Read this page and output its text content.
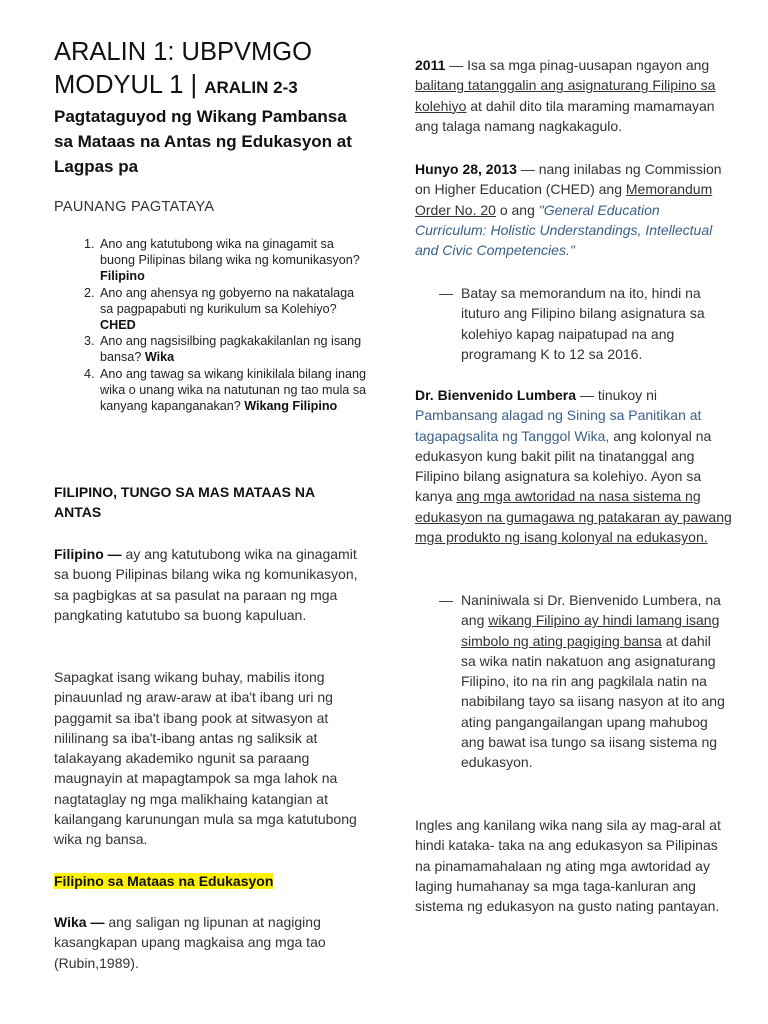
ARALIN 1: UBPVMGO
MODYUL 1 | ARALIN 2-3
Pagtataguyod ng Wikang Pambansa
sa Mataas na Antas ng Edukasyon at
Lagpas pa
PAUNANG PAGTATAYA
1. Ano ang katutubong wika na ginagamit sa buong Pilipinas bilang wika ng komunikasyon? Filipino
2. Ano ang ahensya ng gobyerno na nakatalaga sa pagpapabuti ng kurikulum sa Kolehiyo? CHED
3. Ano ang nagsisilbing pagkakakilanlan ng isang bansa? Wika
4. Ano ang tawag sa wikang kinikilala bilang inang wika o unang wika na natutunan ng tao mula sa kanyang kapanganakan? Wikang Filipino
FILIPINO, TUNGO SA MAS MATAAS NA
ANTAS
Filipino — ay ang katutubong wika na ginagamit sa buong Pilipinas bilang wika ng komunikasyon, sa pagbigkas at sa pasulat na paraan ng mga pangkating katutubo sa buong kapuluan.
Sapagkat isang wikang buhay, mabilis itong pinauunlad ng araw-araw at iba't ibang uri ng paggamit sa iba't ibang pook at sitwasyon at nililinang sa iba't-ibang antas ng saliksik at talakayang akademiko ngunit sa paraang maugnayin at mapagtampok sa mga lahok na nagtataglay ng mga malikhaing katangian at kailangang karunungan mula sa mga katutubong wika ng bansa.
Filipino sa Mataas na Edukasyon
Wika — ang saligan ng lipunan at nagiging kasangkapan upang magkaisa ang mga tao (Rubin,1989).
2011 — Isa sa mga pinag-uusapan ngayon ang balitang tatanggalin ang asignaturang Filipino sa kolehiyo at dahil dito tila maraming mamamayan ang talaga namang nagkakagulo.
Hunyo 28, 2013 — nang inilabas ng Commission on Higher Education (CHED) ang Memorandum Order No. 20 o ang "General Education Curriculum: Holistic Understandings, Intellectual and Civic Competencies."
— Batay sa memorandum na ito, hindi na ituturo ang Filipino bilang asignatura sa kolehiyo kapag naipatupad na ang programang K to 12 sa 2016.
Dr. Bienvenido Lumbera — tinukoy ni Pambansang alagad ng Sining sa Panitikan at tagapagsalita ng Tanggol Wika, ang kolonyal na edukasyon kung bakit pilit na tinatanggal ang Filipino bilang asignatura sa kolehiyo. Ayon sa kanya ang mga awtoridad na nasa sistema ng edukasyon na gumagawa ng patakaran ay pawang mga produkto ng isang kolonyal na edukasyon.
— Naniniwala si Dr. Bienvenido Lumbera, na ang wikang Filipino ay hindi lamang isang simbolo ng ating pagiging bansa at dahil sa wika natin nakatuon ang asignaturang Filipino, ito na rin ang pagkilala natin na nabibilang tayo sa iisang nasyon at ito ang ating pangangailangan upang mahubog ang bawat isa tungo sa iisang sistema ng edukasyon.
Ingles ang kanilang wika nang sila ay mag-aral at hindi kataka- taka na ang edukasyon sa Pilipinas na pinamamahalaan ng ating mga awtoridad ay laging humahanay sa mga taga-kanluran ang sistema ng edukasyon na gusto nating pantayan.
